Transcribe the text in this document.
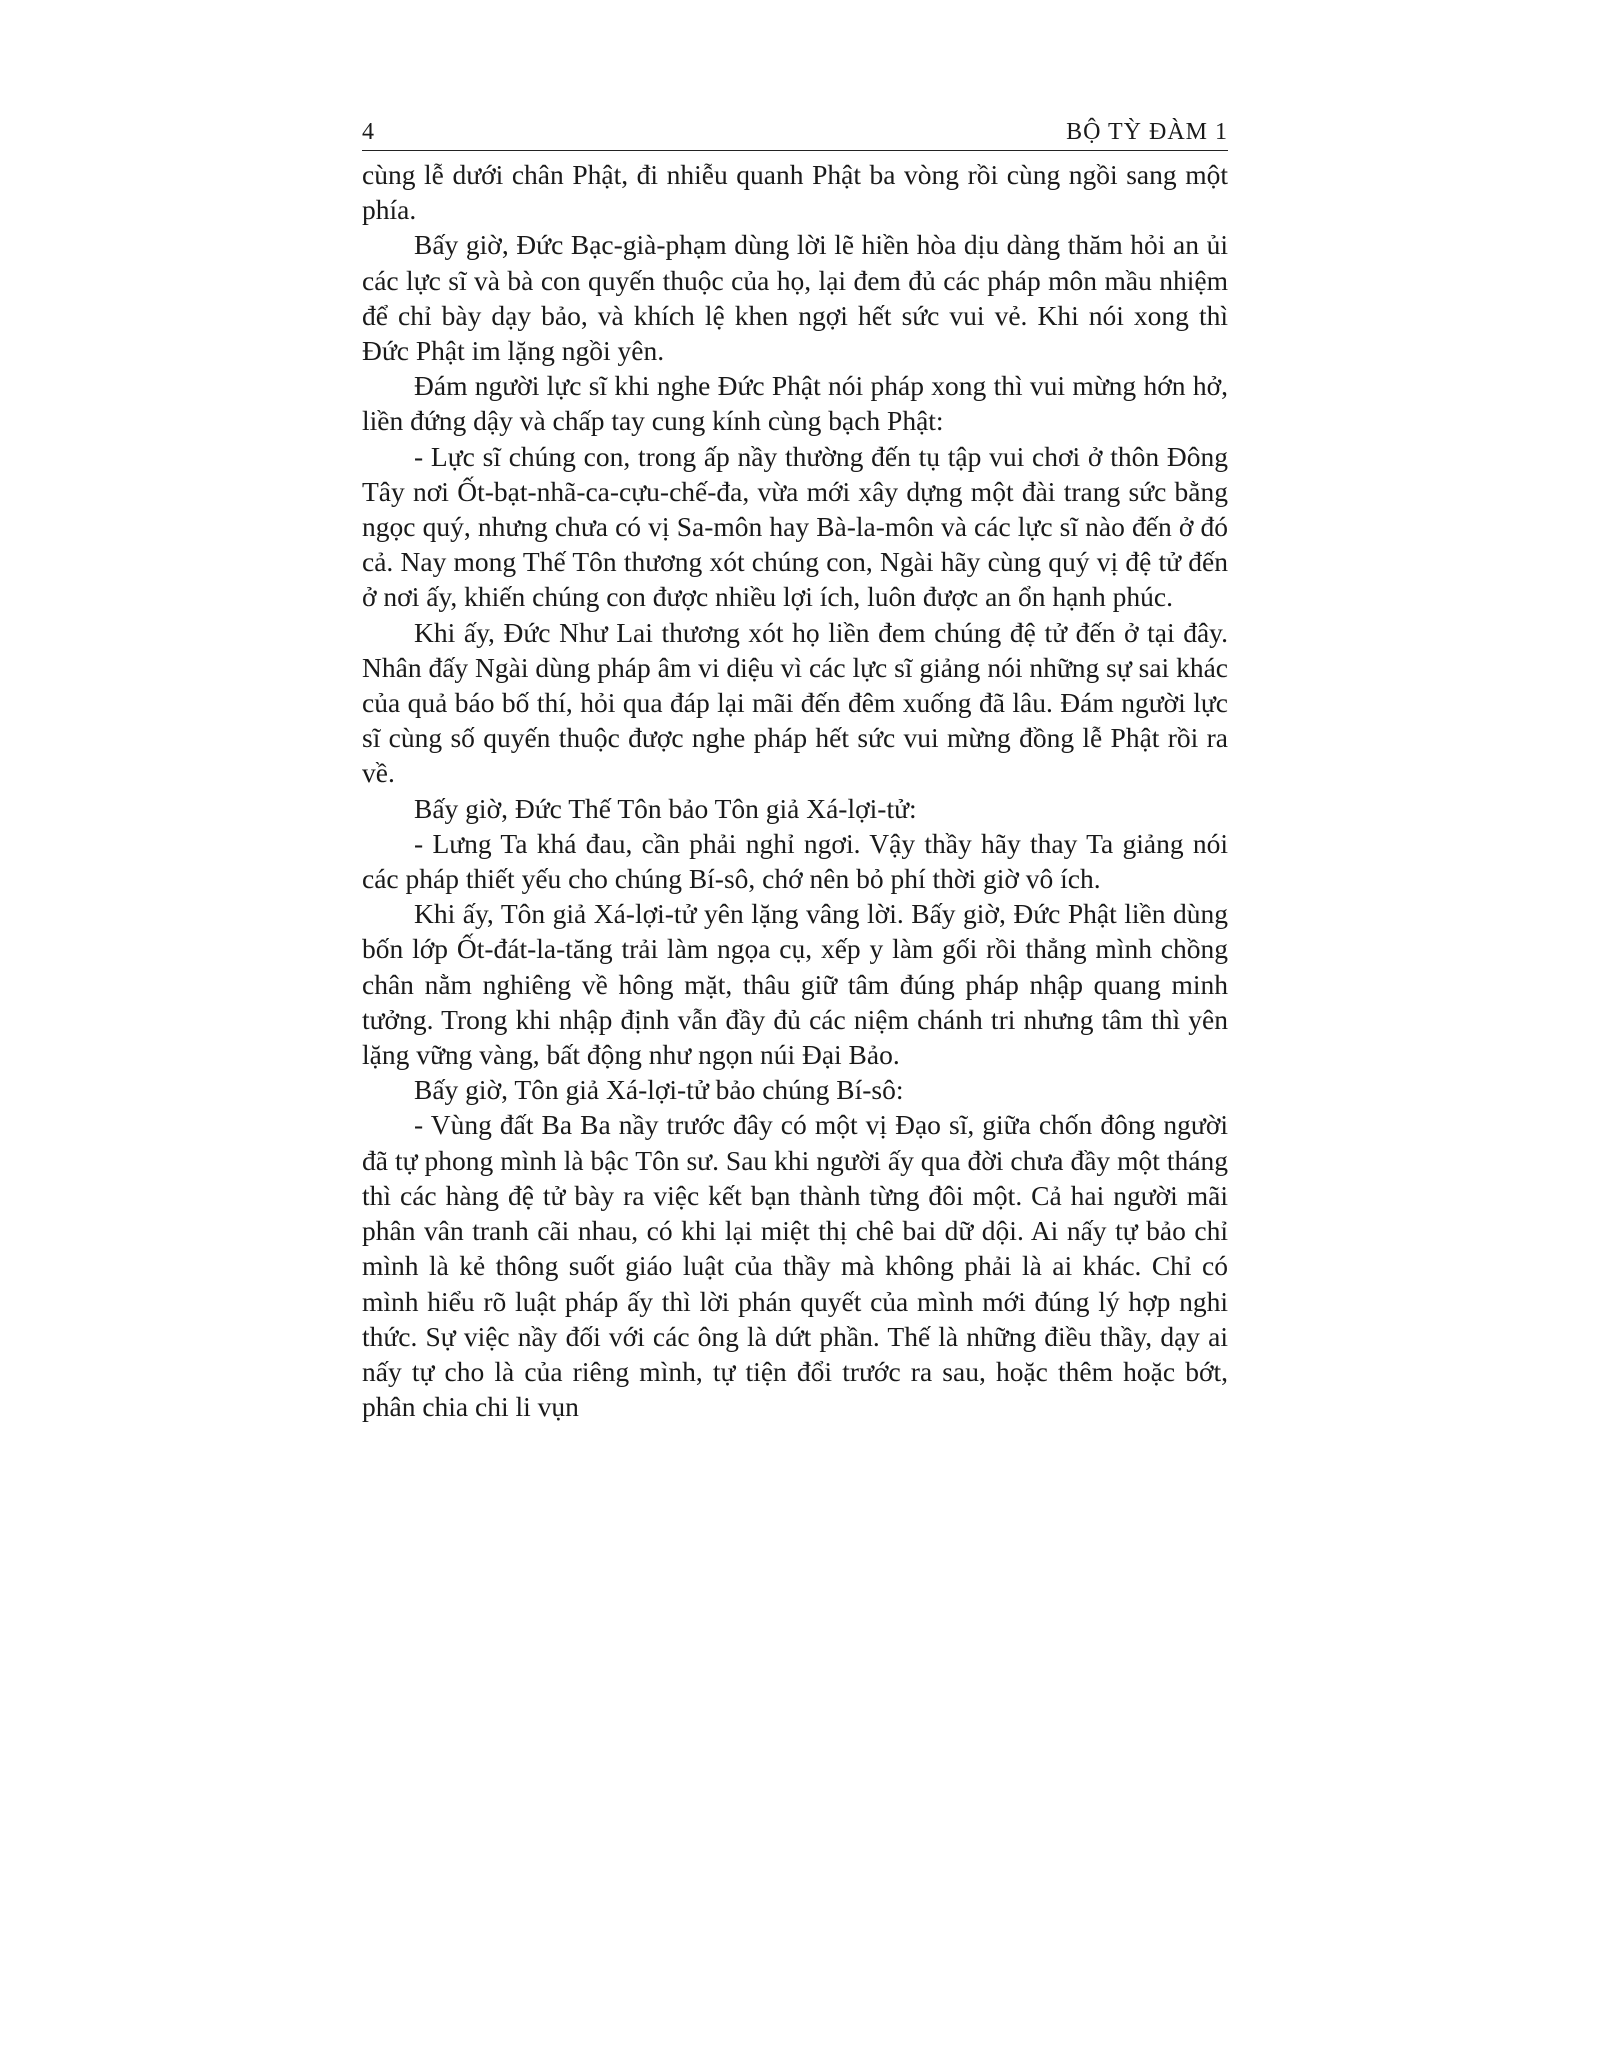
4	BỘ TỲ ĐÀM 1

cùng lễ dưới chân Phật, đi nhiễu quanh Phật ba vòng rồi cùng ngồi sang một phía.

Bấy giờ, Đức Bạc-già-phạm dùng lời lẽ hiền hòa dịu dàng thăm hỏi an ủi các lực sĩ và bà con quyến thuộc của họ, lại đem đủ các pháp môn mầu nhiệm để chỉ bày dạy bảo, và khích lệ khen ngợi hết sức vui vẻ. Khi nói xong thì Đức Phật im lặng ngồi yên.

Đám người lực sĩ khi nghe Đức Phật nói pháp xong thì vui mừng hớn hở, liền đứng dậy và chấp tay cung kính cùng bạch Phật:

- Lực sĩ chúng con, trong ấp nầy thường đến tụ tập vui chơi ở thôn Đông Tây nơi Ốt-bạt-nhã-ca-cựu-chế-đa, vừa mới xây dựng một đài trang sức bằng ngọc quý, nhưng chưa có vị Sa-môn hay Bà-la-môn và các lực sĩ nào đến ở đó cả. Nay mong Thế Tôn thương xót chúng con, Ngài hãy cùng quý vị đệ tử đến ở nơi ấy, khiến chúng con được nhiều lợi ích, luôn được an ổn hạnh phúc.

Khi ấy, Đức Như Lai thương xót họ liền đem chúng đệ tử đến ở tại đây. Nhân đấy Ngài dùng pháp âm vi diệu vì các lực sĩ giảng nói những sự sai khác của quả báo bố thí, hỏi qua đáp lại mãi đến đêm xuống đã lâu. Đám người lực sĩ cùng số quyến thuộc được nghe pháp hết sức vui mừng đồng lễ Phật rồi ra về.

Bấy giờ, Đức Thế Tôn bảo Tôn giả Xá-lợi-tử:

- Lưng Ta khá đau, cần phải nghỉ ngơi. Vậy thầy hãy thay Ta giảng nói các pháp thiết yếu cho chúng Bí-sô, chớ nên bỏ phí thời giờ vô ích.

Khi ấy, Tôn giả Xá-lợi-tử yên lặng vâng lời. Bấy giờ, Đức Phật liền dùng bốn lớp Ốt-đát-la-tăng trải làm ngọa cụ, xếp y làm gối rồi thẳng mình chồng chân nằm nghiêng về hông mặt, thâu giữ tâm đúng pháp nhập quang minh tưởng. Trong khi nhập định vẫn đầy đủ các niệm chánh tri nhưng tâm thì yên lặng vững vàng, bất động như ngọn núi Đại Bảo.

Bấy giờ, Tôn giả Xá-lợi-tử bảo chúng Bí-sô:

- Vùng đất Ba Ba nầy trước đây có một vị Đạo sĩ, giữa chốn đông người đã tự phong mình là bậc Tôn sư. Sau khi người ấy qua đời chưa đầy một tháng thì các hàng đệ tử bày ra việc kết bạn thành từng đôi một. Cả hai người mãi phân vân tranh cãi nhau, có khi lại miệt thị chê bai dữ dội. Ai nấy tự bảo chỉ mình là kẻ thông suốt giáo luật của thầy mà không phải là ai khác. Chỉ có mình hiểu rõ luật pháp ấy thì lời phán quyết của mình mới đúng lý hợp nghi thức. Sự việc nầy đối với các ông là dứt phần. Thế là những điều thầy, dạy ai nấy tự cho là của riêng mình, tự tiện đổi trước ra sau, hoặc thêm hoặc bớt, phân chia chi li vụn
